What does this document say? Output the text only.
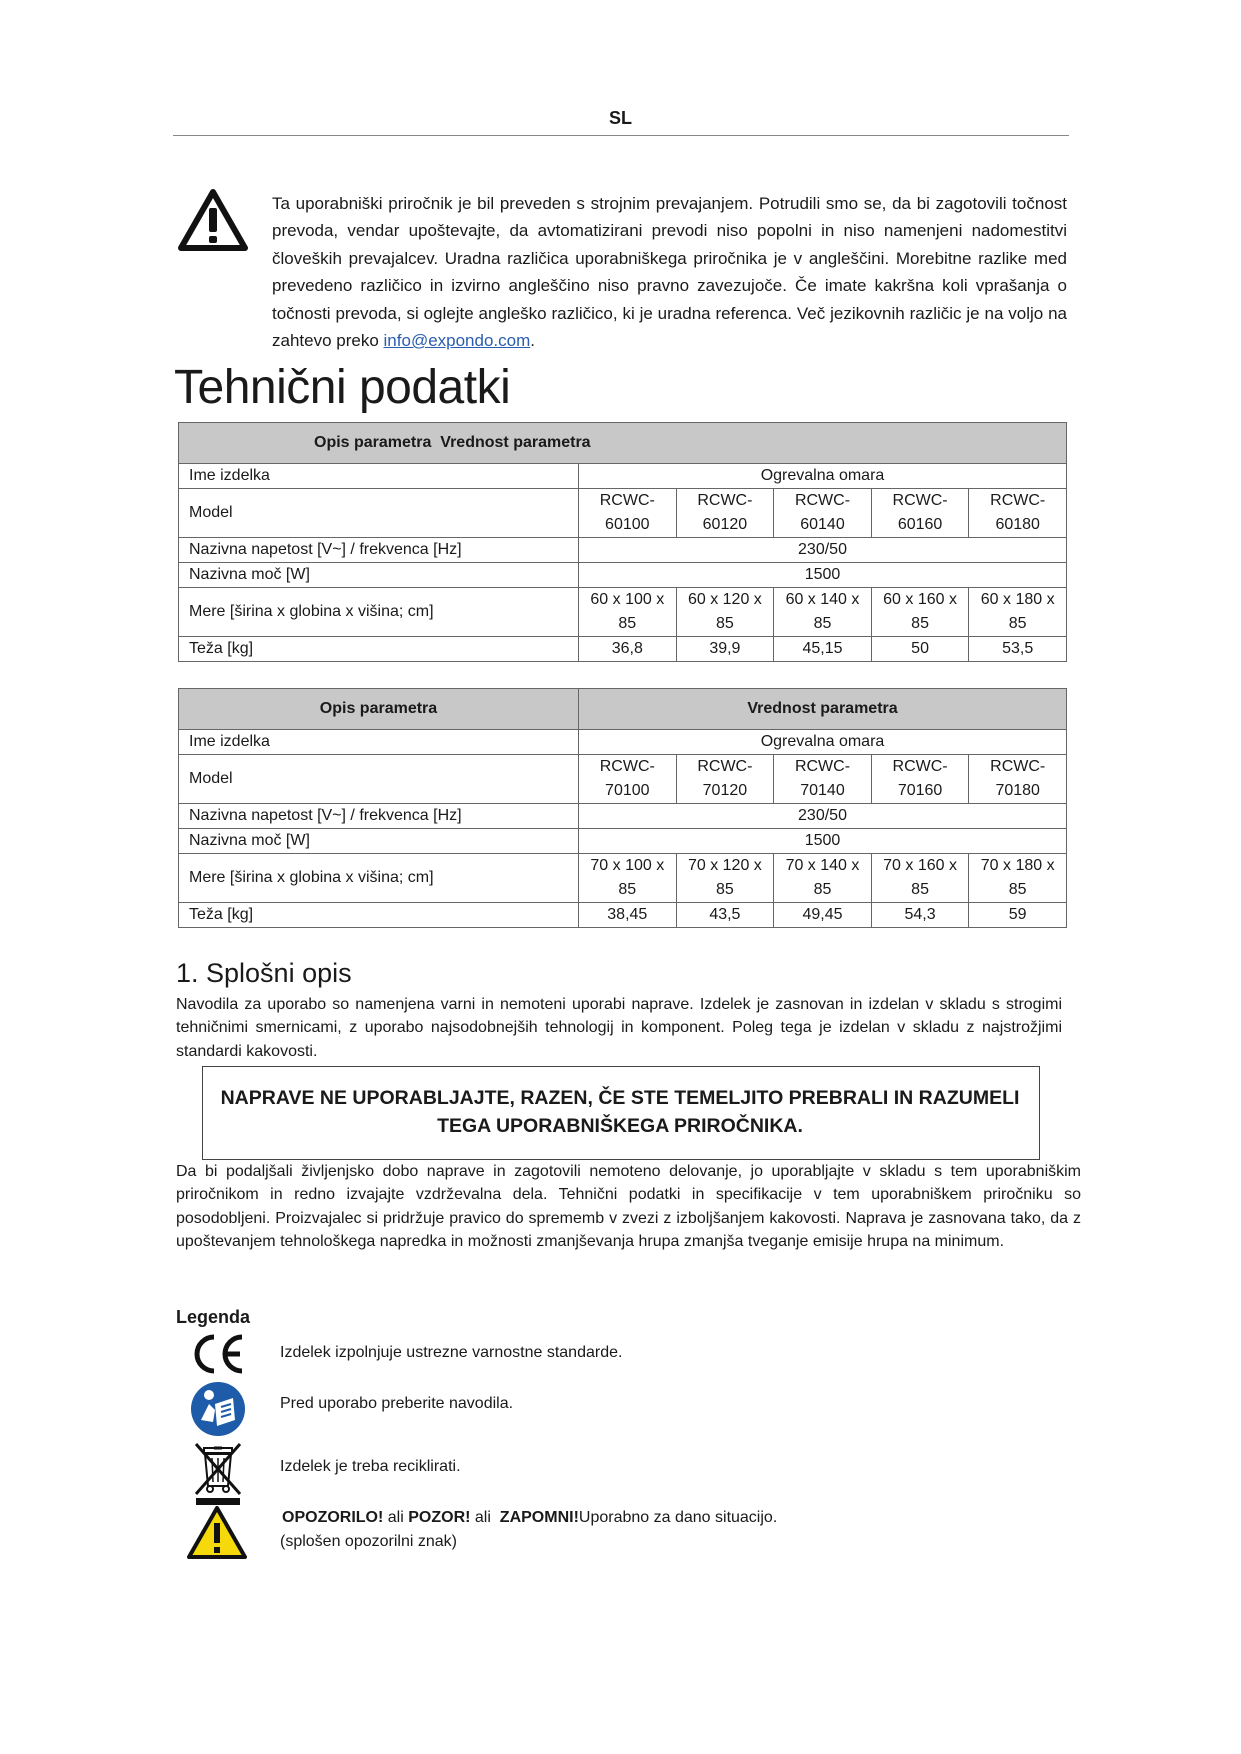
SL
Ta uporabniški priročnik je bil preveden s strojnim prevajanjem. Potrudili smo se, da bi zagotovili točnost prevoda, vendar upoštevajte, da avtomatizirani prevodi niso popolni in niso namenjeni nadomestitvi človeških prevajalcev. Uradna različica uporabniškega priročnika je v angleščini. Morebitne razlike med prevedeno različico in izvirno angleščino niso pravno zavezujoče. Če imate kakršna koli vprašanja o točnosti prevoda, si oglejte angleško različico, ki je uradna referenca. Več jezikovnih različic je na voljo na zahtevo preko info@expondo.com.
Tehnični podatki
Opis parametra Vrednost parametra					
Ime izdelka	Ogrevalna omara				
Model	RCWC-60100	RCWC-60120	RCWC-60140	RCWC-60160	RCWC-60180
Nazivna napetost [V~] / frekvenca [Hz]	230/50				
Nazivna moč [W]	1500				
Mere [širina x globina x višina; cm]	60 x 100 x 85	60 x 120 x 85	60 x 140 x 85	60 x 160 x 85	60 x 180 x 85
Teža [kg]	36,8	39,9	45,15	50	53,5
Opis parametra	Vrednost parametra				
Ime izdelka	Ogrevalna omara				
Model	RCWC-70100	RCWC-70120	RCWC-70140	RCWC-70160	RCWC-70180
Nazivna napetost [V~] / frekvenca [Hz]	230/50				
Nazivna moč [W]	1500				
Mere [širina x globina x višina; cm]	70 x 100 x 85	70 x 120 x 85	70 x 140 x 85	70 x 160 x 85	70 x 180 x 85
Teža [kg]	38,45	43,5	49,45	54,3	59
1. Splošni opis
Navodila za uporabo so namenjena varni in nemoteni uporabi naprave. Izdelek je zasnovan in izdelan v skladu s strogimi tehničnimi smernicami, z uporabo najsodobnejših tehnologij in komponent. Poleg tega je izdelan v skladu z najstrožjimi standardi kakovosti.
NAPRAVE NE UPORABLJAJTE, RAZEN, ČE STE TEMELJITO PREBRALI IN RAZUMELI TEGA UPORABNIŠKEGA PRIROČNIKA.
Da bi podaljšali življenjsko dobo naprave in zagotovili nemoteno delovanje, jo uporabljajte v skladu s tem uporabniškim priročnikom in redno izvajajte vzdrževalna dela. Tehnični podatki in specifikacije v tem uporabniškem priročniku so posodobljeni. Proizvajalec si pridržuje pravico do sprememb v zvezi z izboljšanjem kakovosti. Naprava je zasnovana tako, da z upoštevanjem tehnološkega napredka in možnosti zmanjševanja hrupa zmanjša tveganje emisije hrupa na minimum.
Legenda
Izdelek izpolnjuje ustrezne varnostne standarde.
Pred uporabo preberite navodila.
Izdelek je treba reciklirati.
OPOZORILO! ali POZOR! ali  ZAPOMNI!Uporabno za dano situacijo.
(splošen opozorilni znak)
